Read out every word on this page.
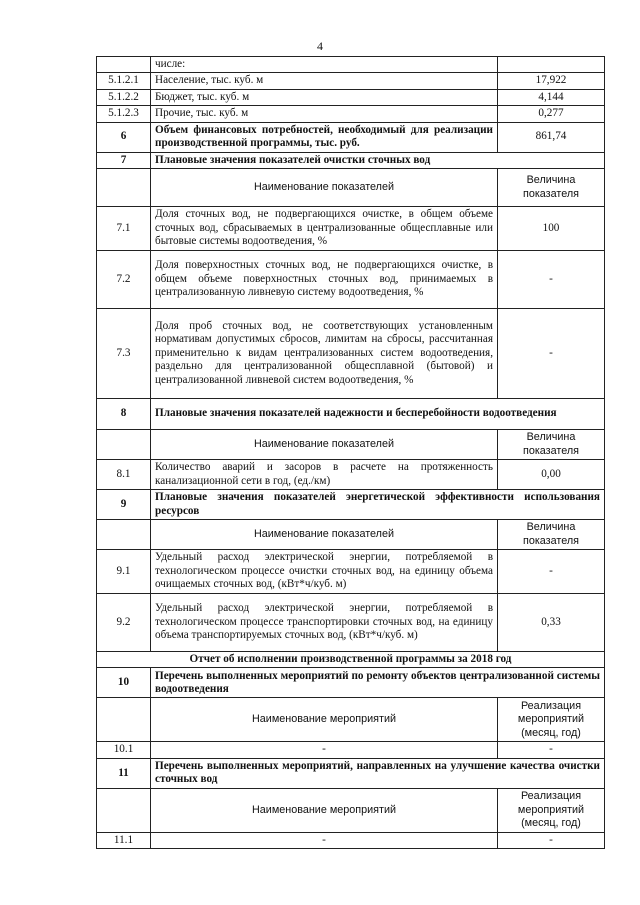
4
	числе:	
5.1.2.1	Население, тыс. куб. м	17,922
5.1.2.2	Бюджет, тыс. куб. м	4,144
5.1.2.3	Прочие, тыс. куб. м	0,277
6	Объем финансовых потребностей, необходимый для реализации производственной программы, тыс. руб.	861,74
7	Плановые значения показателей очистки сточных вод	
	Наименование показателей	Величина показателя
7.1	Доля сточных вод, не подвергающихся очистке, в общем объеме сточных вод, сбрасываемых в централизованные общесплавные или бытовые системы водоотведения, %	100
7.2	Доля поверхностных сточных вод, не подвергающихся очистке, в общем объеме поверхностных сточных вод, принимаемых в централизованную ливневую систему водоотведения, %	-
7.3	Доля проб сточных вод, не соответствующих установленным нормативам допустимых сбросов, лимитам на сбросы, рассчитанная применительно к видам централизованных систем водоотведения, раздельно для централизованной общесплавной (бытовой) и централизованной ливневой систем водоотведения, %	-
8	Плановые значения показателей надежности и бесперебойности водоотведения	
	Наименование показателей	Величина показателя
8.1	Количество аварий и засоров в расчете на протяженность канализационной сети в год, (ед./км)	0,00
9	Плановые значения показателей энергетической эффективности использования ресурсов	
	Наименование показателей	Величина показателя
9.1	Удельный расход электрической энергии, потребляемой в технологическом процессе очистки сточных вод, на единицу объема очищаемых сточных вод, (кВт*ч/куб. м)	-
9.2	Удельный расход электрической энергии, потребляемой в технологическом процессе транспортировки сточных вод, на единицу объема транспортируемых сточных вод, (кВт*ч/куб. м)	0,33
Отчет об исполнении производственной программы за 2018 год		
10	Перечень выполненных мероприятий по ремонту объектов централизованной системы водоотведения	
	Наименование мероприятий	Реализация мероприятий (месяц, год)
10.1	-	-
11	Перечень выполненных мероприятий, направленных на улучшение качества очистки сточных вод	
	Наименование мероприятий	Реализация мероприятий (месяц, год)
11.1	-	-
